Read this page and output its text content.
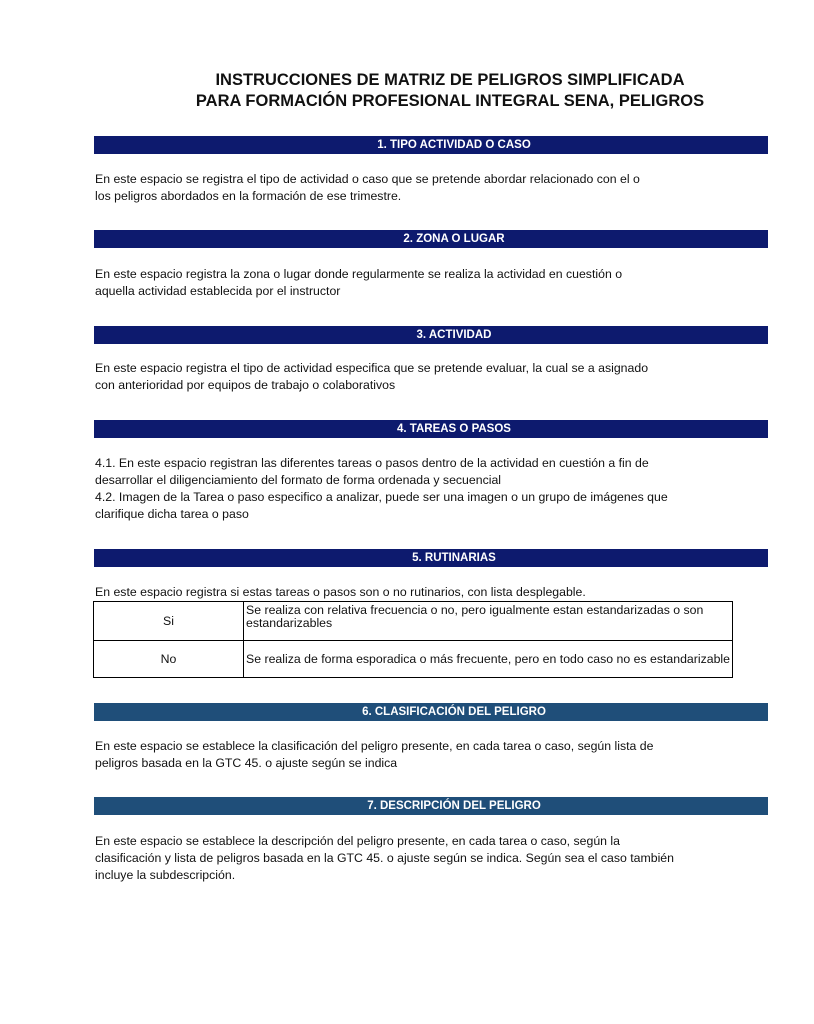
INSTRUCCIONES DE MATRIZ DE PELIGROS SIMPLIFICADA
PARA FORMACIÓN PROFESIONAL INTEGRAL SENA, PELIGROS
En este espacio se registra el tipo de actividad o caso que se pretende abordar relacionado con el o
los peligros abordados en la formación de ese trimestre.
En este espacio registra la zona o lugar donde regularmente se realiza la actividad en cuestión o
aquella actividad establecida por el instructor
En este espacio registra el tipo de actividad especifica que se pretende evaluar, la cual se a asignado
con anterioridad por equipos de trabajo o colaborativos
4.1. En este espacio registran las diferentes tareas o pasos dentro de la actividad en cuestión a fin de
desarrollar el diligenciamiento del formato de forma ordenada y secuencial
4.2. Imagen de la Tarea o paso especifico a analizar, puede ser una imagen o un grupo de imágenes que
clarifique dicha tarea o paso
En este espacio registra si estas tareas o pasos son o no rutinarios, con lista desplegable.
Si	Se realiza con relativa frecuencia o no, pero igualmente estan estandarizadas o son
estandarizables

No	Se realiza de forma esporadica o más frecuente, pero en todo caso no es estandarizable
En este espacio se establece la clasificación del peligro presente, en cada tarea o caso, según lista de
peligros basada en la GTC 45. o ajuste según se indica
En este espacio se establece la descripción del peligro presente, en cada tarea o caso, según la
clasificación y lista de peligros basada en la GTC 45. o ajuste según se indica. Según sea el caso también
incluye la subdescripción.
1. TIPO ACTIVIDAD O CASO
2. ZONA O LUGAR
3. ACTIVIDAD
4. TAREAS O PASOS
5. RUTINARIAS
6. CLASIFICACIÓN DEL PELIGRO
7. DESCRIPCIÓN DEL PELIGRO
